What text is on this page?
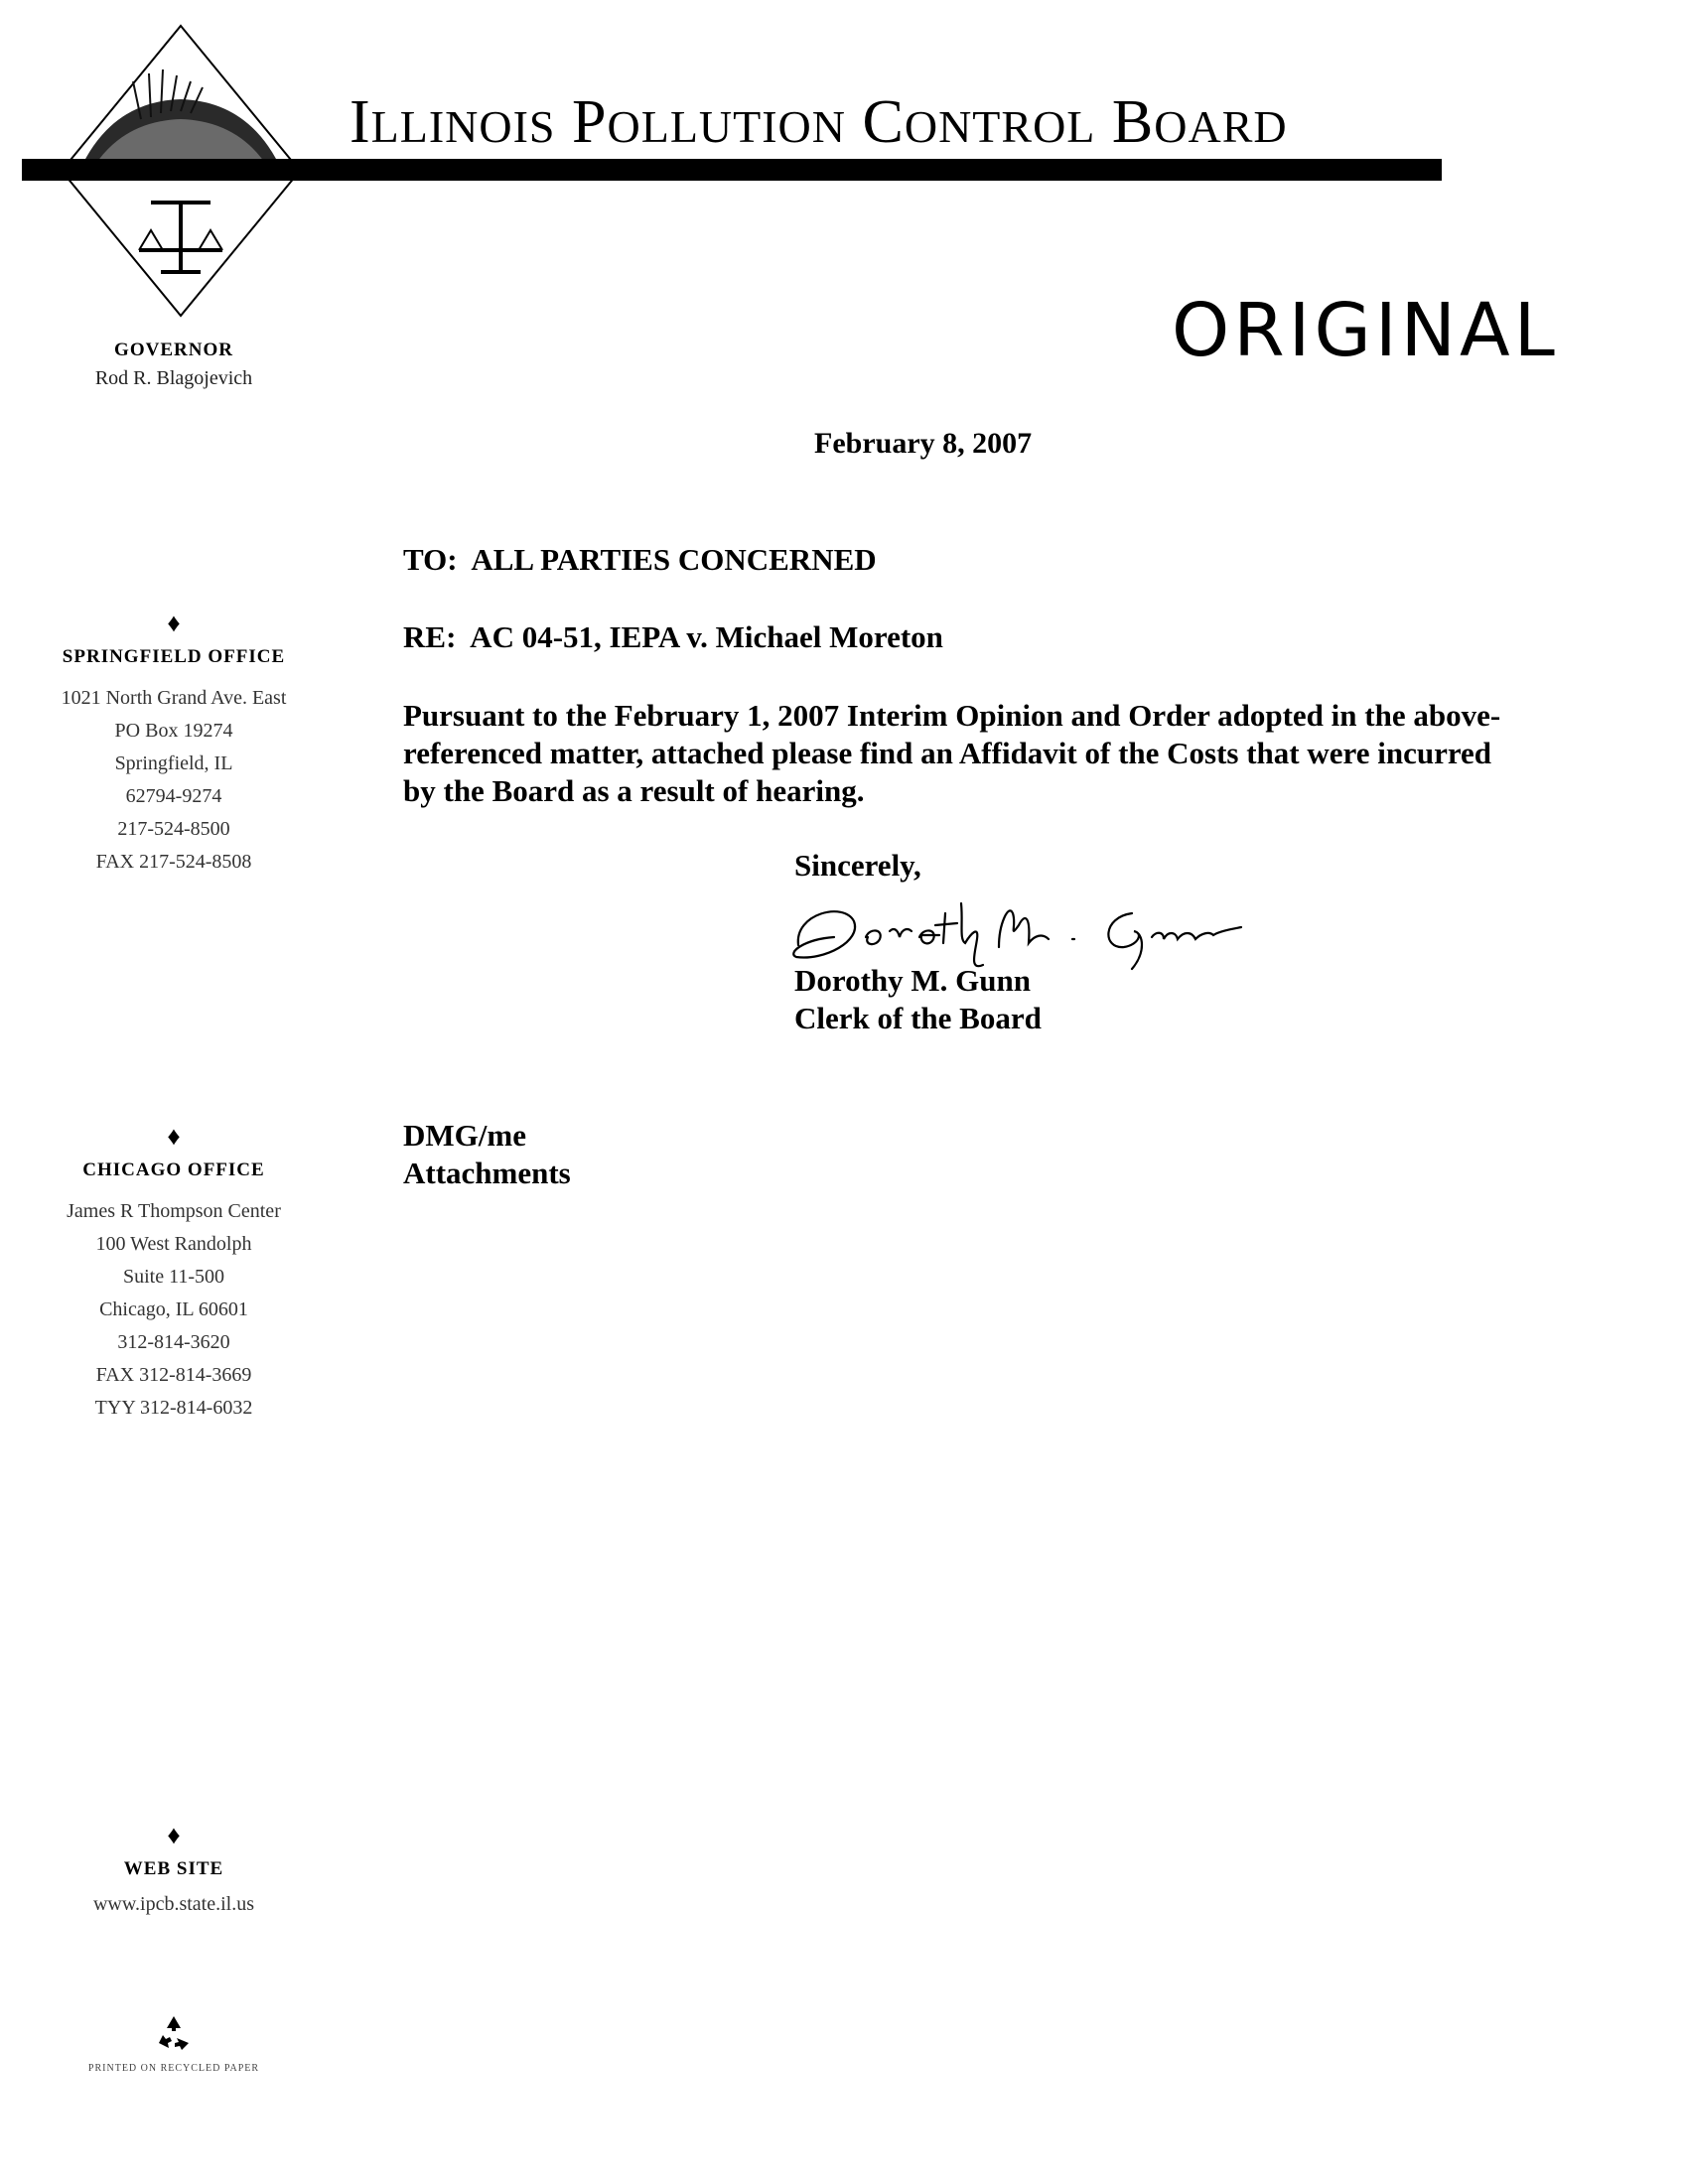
ILLINOIS POLLUTION CONTROL BOARD
ORIGINAL
GOVERNOR
Rod R. Blagojevich
♦
SPRINGFIELD OFFICE
1021 North Grand Ave. East
PO Box 19274
Springfield, IL
62794-9274
217-524-8500
FAX 217-524-8508
♦
CHICAGO OFFICE
James R Thompson Center
100 West Randolph
Suite 11-500
Chicago, IL 60601
312-814-3620
FAX 312-814-3669
TYY 312-814-6032
♦
WEB SITE
www.ipcb.state.il.us
PRINTED ON RECYCLED PAPER
February 8, 2007
TO:  ALL PARTIES CONCERNED
RE:  AC 04-51, IEPA v. Michael Moreton
Pursuant to the February 1, 2007 Interim Opinion and Order adopted in the above-referenced matter, attached please find an Affidavit of the Costs that were incurred by the Board as a result of hearing.
Sincerely,
Dorothy M. Gunn
Clerk of the Board
DMG/me
Attachments
